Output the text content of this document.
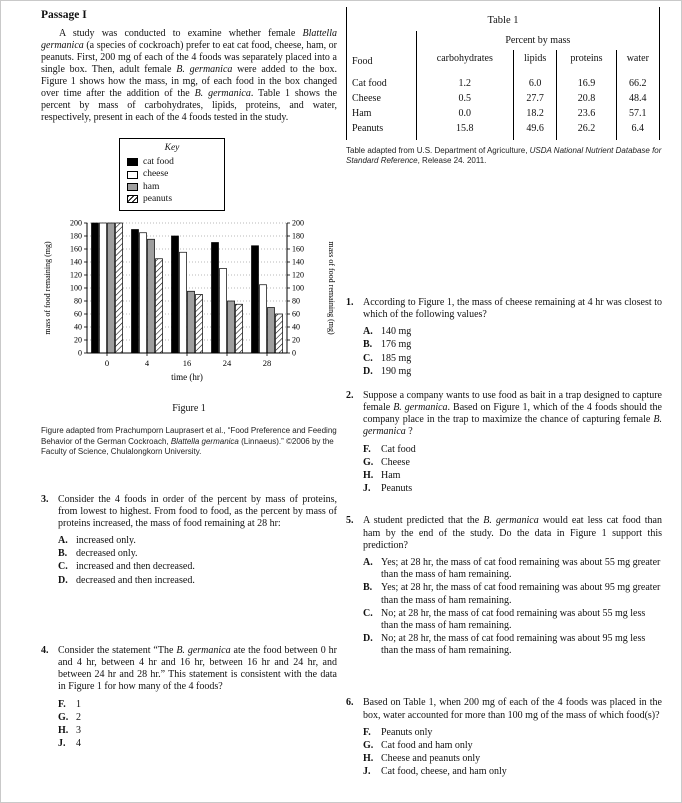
Passage I

A study was conducted to examine whether female Blattella germanica (a species of cockroach) prefer to eat cat food, cheese, ham, or peanuts. First, 200 mg of each of the 4 foods was separately placed into a single box. Then, adult female B. germanica were added to the box. Figure 1 shows how the mass, in mg, of each food in the box changed over time after the addition of the B. germanica. Table 1 shows the percent by mass of carbohydrates, lipids, proteins, and water, respectively, present in each of the 4 foods tested in the study.

Key
cat food
cheese
ham
peanuts
0	0
20	20
40	40
60	60
80	80
100	100
120	120
140	140
160	160
180	180
200	200
0	4	16	24	28
time (hr)
mass of food remaining (mg)	mass of food remaining (mg)
Figure 1

Figure adapted from Prachumporn Lauprasert et al., “Food Preference and Feeding Behavior of the German Cockroach, Blattella germanica (Linnaeus).” ©2006 by the Faculty of Science, Chulalongkorn University.

3. Consider the 4 foods in order of the percent by mass of proteins, from lowest to highest. From food to food, as the percent by mass of proteins increased, the mass of food remaining at 28 hr:
A. increased only.
B. decreased only.
C. increased and then decreased.
D. decreased and then increased.
4. Consider the statement “The B. germanica ate the food between 0 hr and 4 hr, between 4 hr and 16 hr, between 16 hr and 24 hr, and between 24 hr and 28 hr.” This statement is consistent with the data in Figure 1 for how many of the 4 foods?
F.	1
G. 2
H. 3
J.	4
Table 1				
Food	Percent by mass			
	carbohydrates	lipids	proteins	water
Cat food	1.2	6.0	16.9	66.2
Cheese	0.5	27.7	20.8	48.4
Ham	0.0	18.2	23.6	57.1
Peanuts	15.8	49.6	26.2	6.4

Table adapted from U.S. Department of Agriculture, USDA National Nutrient Database for Standard Reference, Release 24. 2011.

1. According to Figure 1, the mass of cheese remaining at 4 hr was closest to which of the following values?
A. 140 mg
B. 176 mg
C. 185 mg
D. 190 mg
2. Suppose a company wants to use food as bait in a trap designed to capture female B. germanica. Based on Figure 1, which of the 4 foods should the company place in the trap to maximize the chance of capturing female B. germanica ?
F.	Cat food
G. Cheese
H. Ham
J.	Peanuts
5. A student predicted that the B. germanica would eat less cat food than ham by the end of the study. Do the data in Figure 1 support this prediction?
A. Yes; at 28 hr, the mass of cat food remaining was about 55 mg greater than the mass of ham remaining.
B. Yes; at 28 hr, the mass of cat food remaining was about 95 mg greater than the mass of ham remaining.
C. No; at 28 hr, the mass of cat food remaining was about 55 mg less than the mass of ham remaining.
D. No; at 28 hr, the mass of cat food remaining was about 95 mg less than the mass of ham remaining.
6. Based on Table 1, when 200 mg of each of the 4 foods was placed in the box, water accounted for more than 100 mg of the mass of which food(s)?
F.	Peanuts only
G. Cat food and ham only
H. Cheese and peanuts only
J.	Cat food, cheese, and ham only
